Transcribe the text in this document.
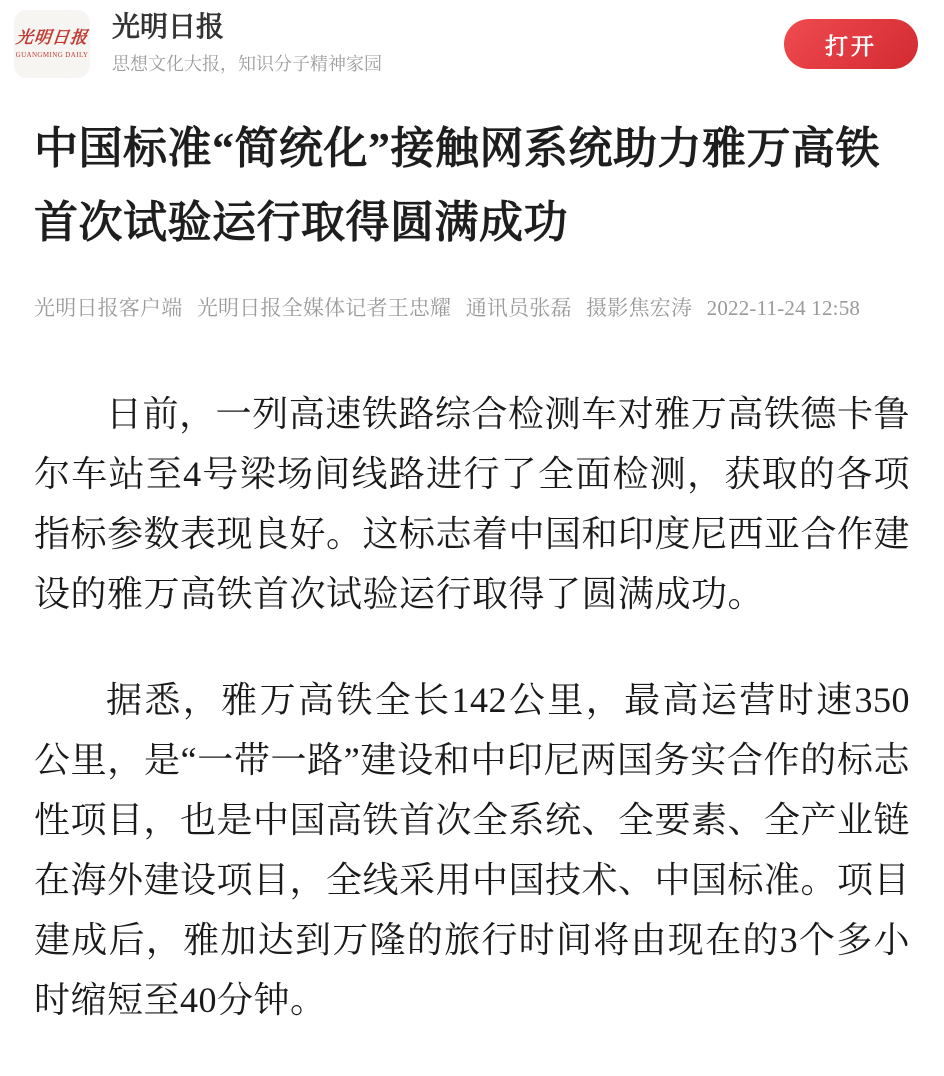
光明日报
GUANGMING DAILY
光明日报
思想文化大报，知识分子精神家园
打开
中国标准“简统化”接触网系统助力雅万高铁首次试验运行取得圆满成功
光明日报客户端 光明日报全媒体记者王忠耀 通讯员张磊 摄影焦宏涛 2022-11-24 12:58

日前，一列高速铁路综合检测车对雅万高铁德卡鲁尔车站至4号梁场间线路进行了全面检测，获取的各项指标参数表现良好。这标志着中国和印度尼西亚合作建设的雅万高铁首次试验运行取得了圆满成功。

据悉，雅万高铁全长142公里，最高运营时速350公里，是“一带一路”建设和中印尼两国务实合作的标志性项目，也是中国高铁首次全系统、全要素、全产业链在海外建设项目，全线采用中国技术、中国标准。项目建成后，雅加达到万隆的旅行时间将由现在的3个多小时缩短至40分钟。
